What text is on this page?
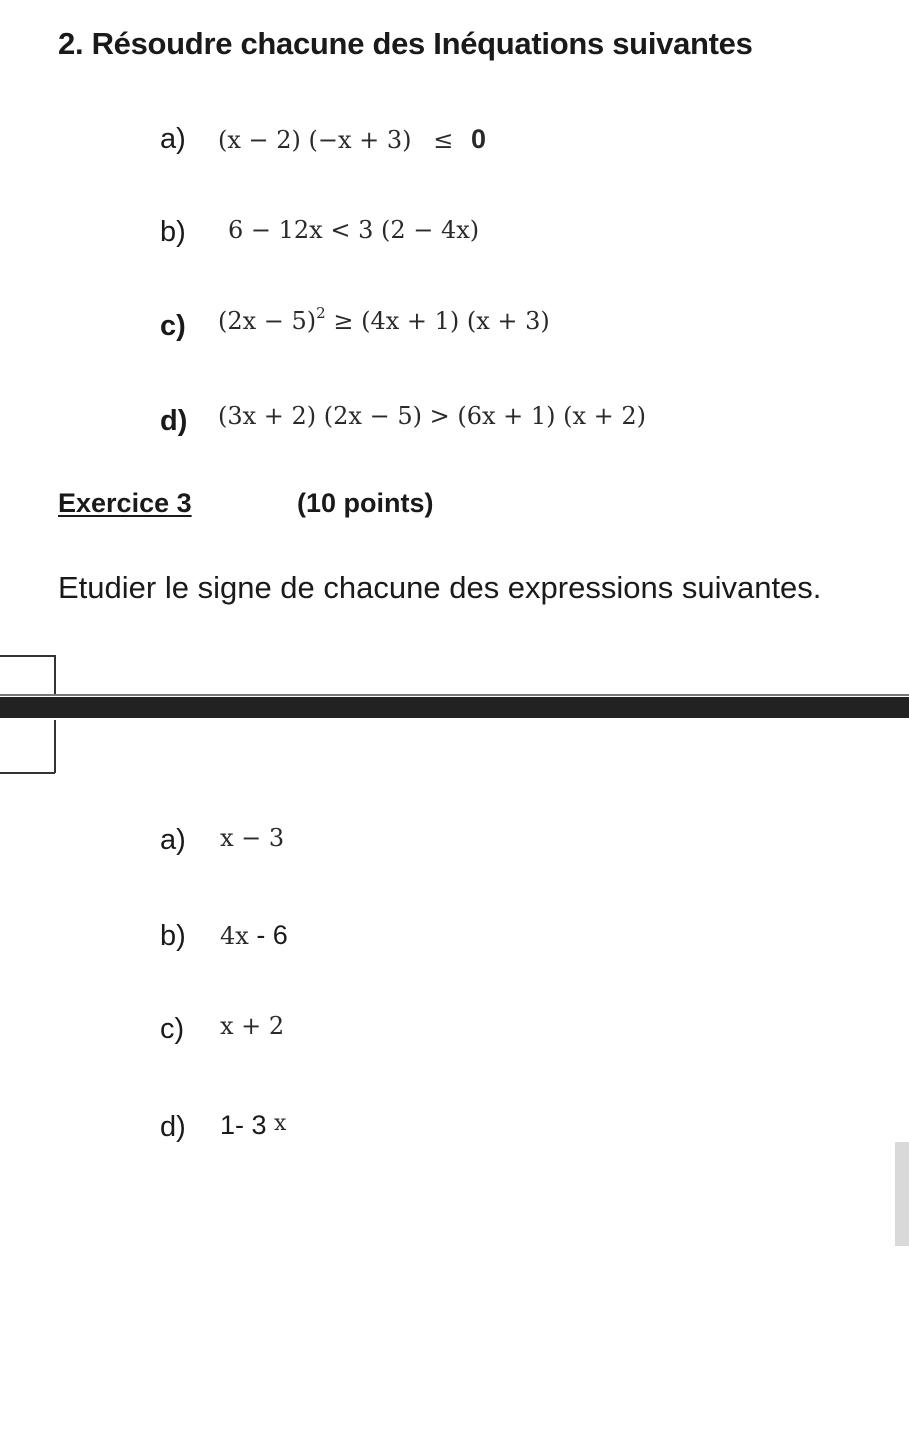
2. Résoudre chacune des Inéquations suivantes
a) (x − 2) (−x + 3) ≤ 0
b) 6 − 12x < 3 (2 − 4x)
c) $(2x - 5)^2 \ge (4x + 1)$ (x + 3)
d) (3x + 2) (2x − 5) > (6x + 1) (x + 2)
Exercice 3	(10 points)
Etudier le signe de chacune des expressions suivantes.
a) x − 3
b) 4x - 6
c) x + 2
d) 1- 3 x
